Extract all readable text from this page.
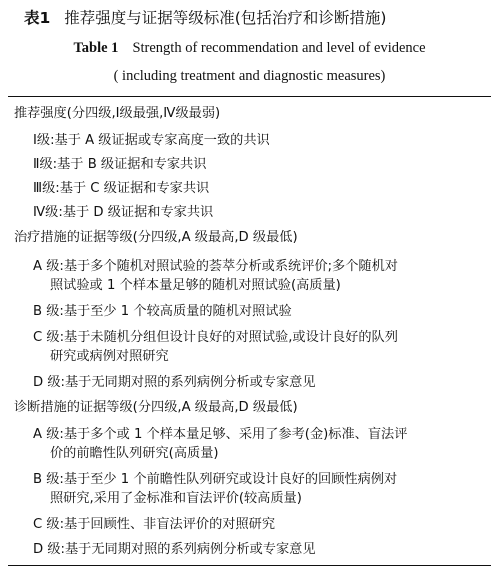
表1 推荐强度与证据等级标准(包括治疗和诊断措施)
Table 1 Strength of recommendation and level of evidence
( including treatment and diagnostic measures)
推荐强度(分四级,Ⅰ级最强,Ⅳ级最弱)
Ⅰ级:基于 A 级证据或专家高度一致的共识
Ⅱ级:基于 B 级证据和专家共识
Ⅲ级:基于 C 级证据和专家共识
Ⅳ级:基于 D 级证据和专家共识
治疗措施的证据等级(分四级,A 级最高,D 级最低)
A 级:基于多个随机对照试验的荟萃分析或系统评价;多个随机对
照试验或 1 个样本量足够的随机对照试验(高质量)
B 级:基于至少 1 个较高质量的随机对照试验
C 级:基于未随机分组但设计良好的对照试验,或设计良好的队列
研究或病例对照研究
D 级:基于无同期对照的系列病例分析或专家意见
诊断措施的证据等级(分四级,A 级最高,D 级最低)
A 级:基于多个或 1 个样本量足够、采用了参考(金)标准、盲法评
价的前瞻性队列研究(高质量)
B 级:基于至少 1 个前瞻性队列研究或设计良好的回顾性病例对
照研究,采用了金标准和盲法评价(较高质量)
C 级:基于回顾性、非盲法评价的对照研究
D 级:基于无同期对照的系列病例分析或专家意见
